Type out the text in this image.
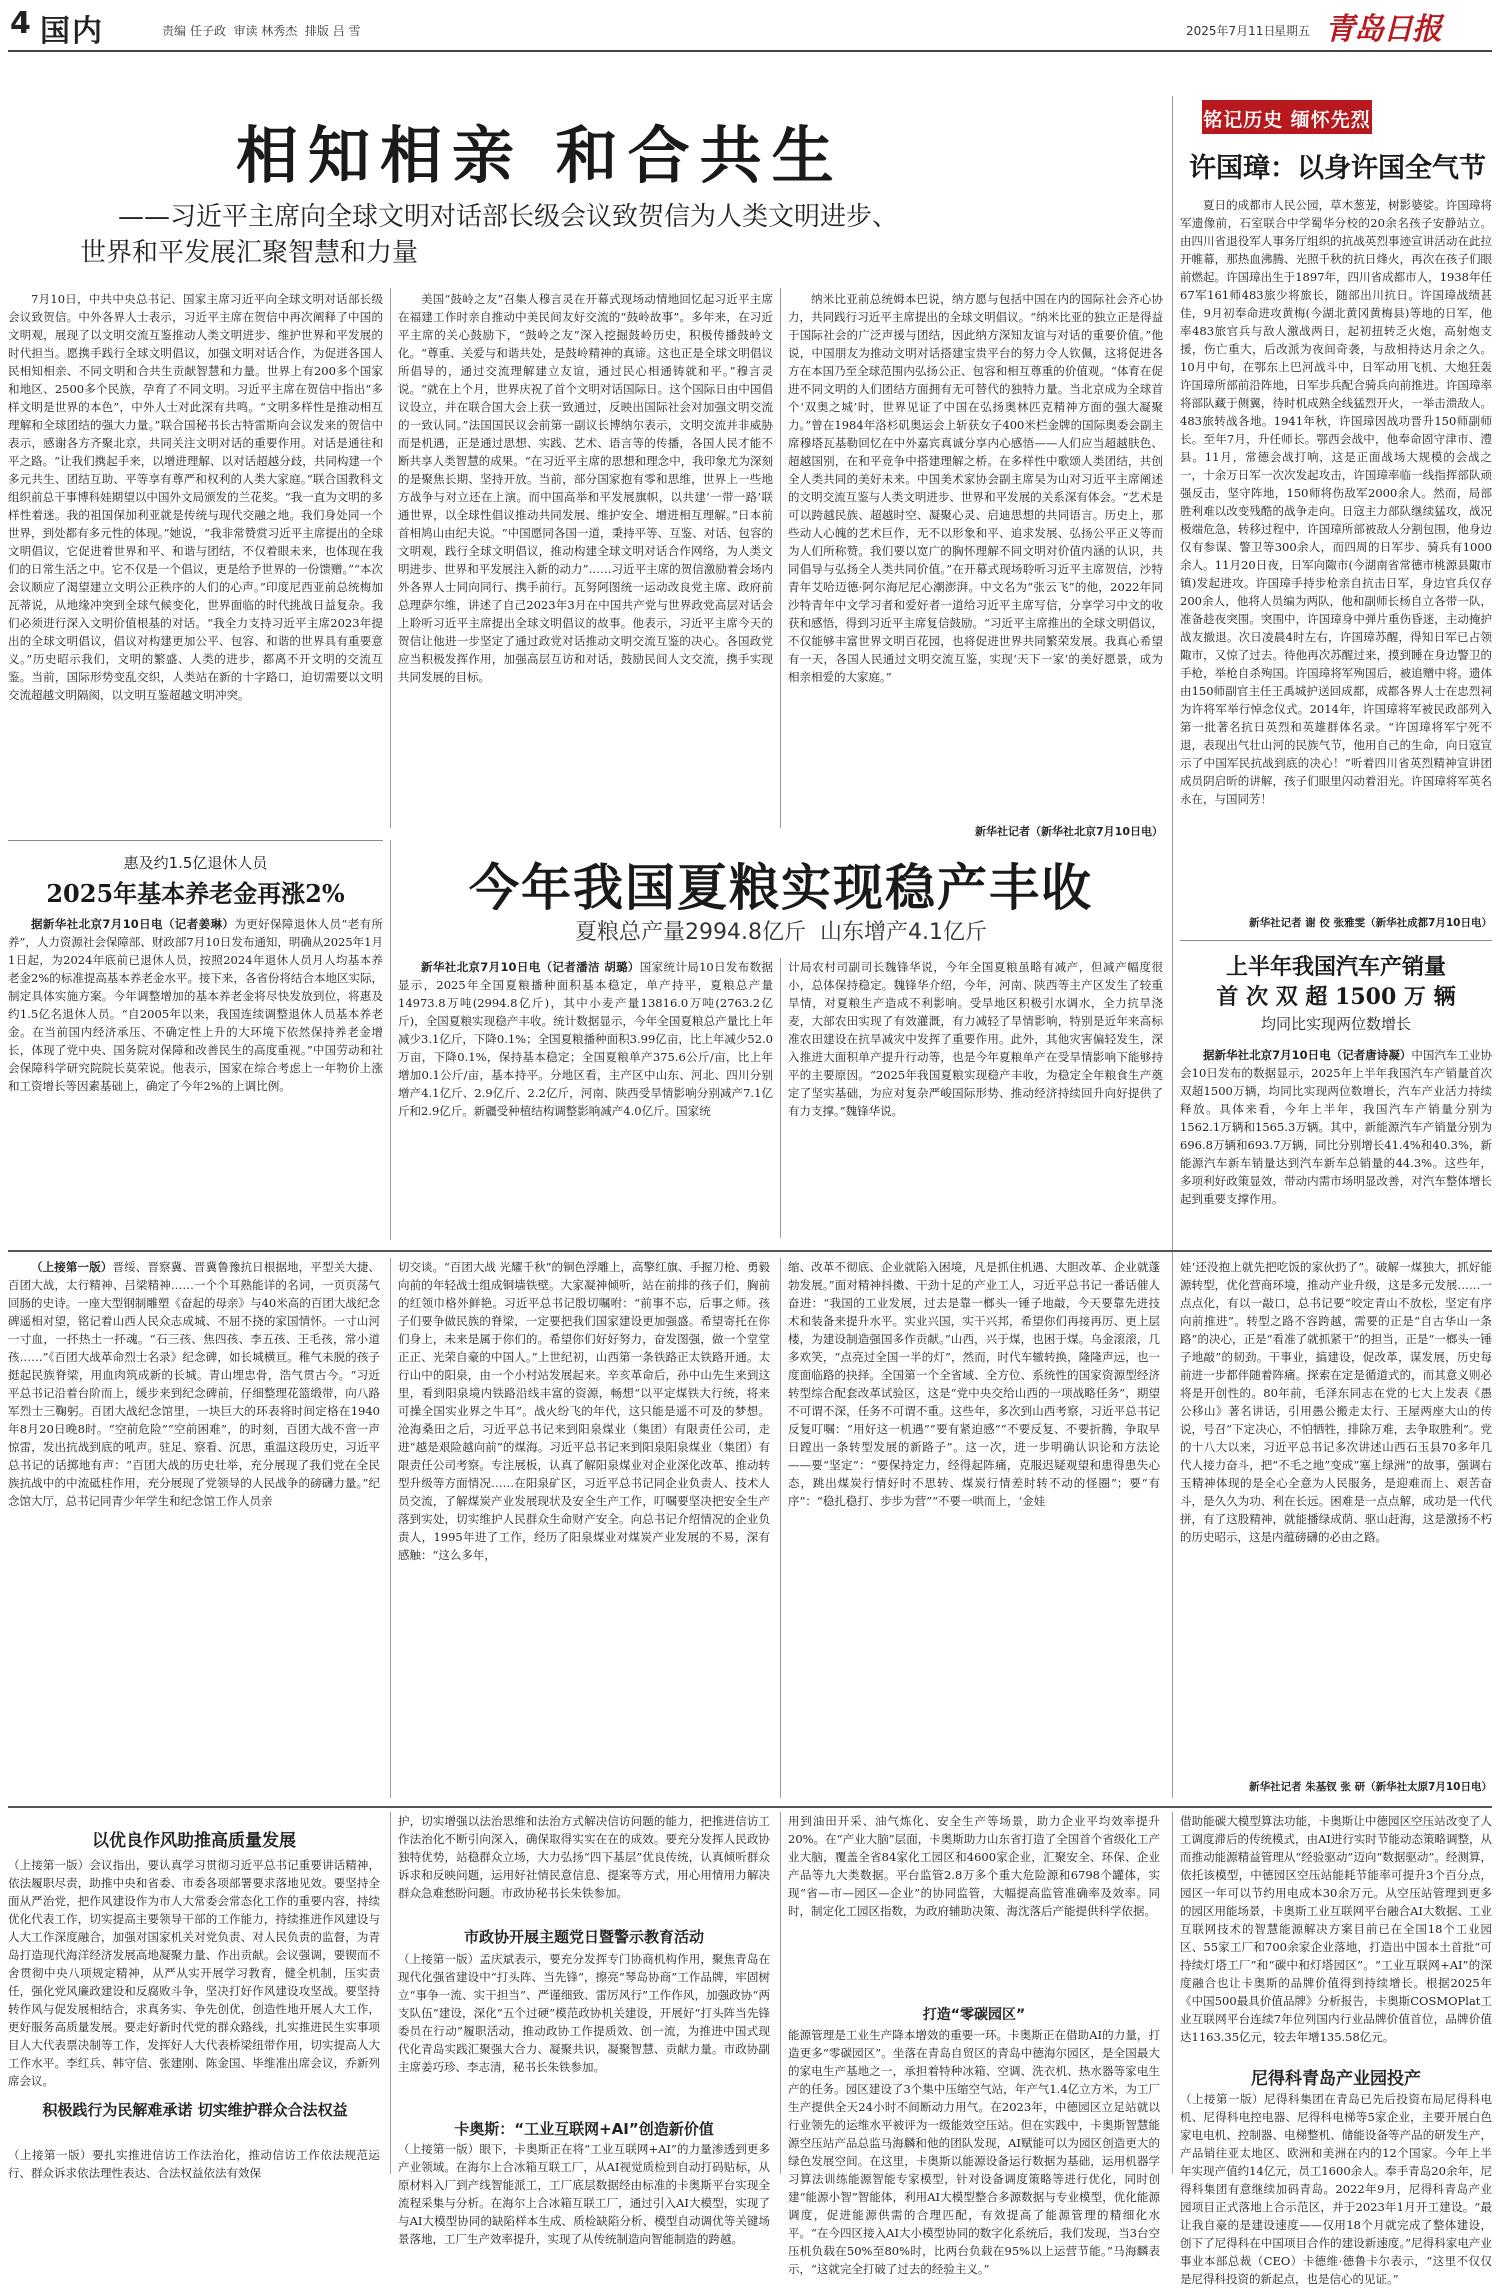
4 国内	责编 任子政  审读 林秀杰  排版 吕 雪	2025年7月11日
星期五 青岛日报
相知相亲 和合共生
——习近平主席向全球文明对话部长级会议致贺信为人类文明进步、
世界和平发展汇聚智慧和力量

7月10日，中共中央总书记、国家主席习近平向全球文明对话部长级会议致贺信。中外各界人士表示，习近平主席在贺信中再次阐释了中国的文明观，展现了以文明交流互鉴推动人类文明进步、维护世界和平发展的时代担当。愿携手践行全球文明倡议，加强文明对话合作，为促进各国人民相知相亲、不同文明和合共生贡献智慧和力量。世界上有200多个国家和地区、2500多个民族，孕育了不同文明。习近平主席在贺信中指出“多样文明是世界的本色”，中外人士对此深有共鸣。“文明多样性是推动相互理解和全球团结的强大力量。”联合国秘书长古特雷斯向会议发来的贺信中表示，感谢各方齐聚北京，共同关注文明对话的重要作用。对话是通往和平之路。“让我们携起手来，以增进理解、以对话超越分歧，共同构建一个多元共生、团结互助、平等享有尊严和权利的人类大家庭。”联合国教科文组织前总干事博科娃期望以中国外文局颁发的兰花奖。“我一直为文明的多样性着迷。我的祖国保加利亚就是传统与现代交融之地。我们身处同一个世界，到处都有多元性的体现。”她说，“我非常赞赏习近平主席提出的全球文明倡议，它促进着世界和平、和谐与团结，不仅着眼未来，也体现在我们的日常生活之中。它不仅是一个倡议，更是给予世界的一份馈赠。”“本次会议顺应了渴望建立文明公正秩序的人们的心声。”印度尼西亚前总统梅加瓦蒂说，从地缘冲突到全球气候变化，世界面临的时代挑战日益复杂。我们必须进行深入文明价值根基的对话。“我全力支持习近平主席2023年提出的全球文明倡议，倡议对构建更加公平、包容、和谐的世界具有重要意义。”历史昭示我们，文明的繁盛、人类的进步，都离不开文明的交流互鉴。当前，国际形势变乱交织，人类站在新的十字路口，迫切需要以文明交流超越文明隔阂，以文明互鉴超越文明冲突。

美国“鼓岭之友”召集人穆言灵在开幕式现场动情地回忆起习近平主席在福建工作时亲自推动中美民间友好交流的“鼓岭故事”。多年来，在习近平主席的关心鼓励下，“鼓岭之友”深入挖掘鼓岭历史，积极传播鼓岭文化。“尊重、关爱与和谐共处，是鼓岭精神的真谛。这也正是全球文明倡议所倡导的，通过交流理解建立友谊，通过民心相通铸就和平。”穆言灵说。“就在上个月，世界庆祝了首个文明对话国际日。这个国际日由中国倡议设立，并在联合国大会上获一致通过，反映出国际社会对加强文明交流的一致认同。”法国国民议会前第一副议长博纳尔表示，文明交流并非威胁而是机遇，正是通过思想、实践、艺术、语言等的传播，各国人民才能不断共享人类智慧的成果。“在习近平主席的思想和理念中，我印象尤为深刻的是聚焦长期、坚持开放。当前，部分国家抱有零和思维，世界上一些地方战争与对立还在上演。而中国高举和平发展旗帜，以共建‘一带一路’联通世界，以全球性倡议推动共同发展、维护安全、增进相互理解。”日本前首相鸠山由纪夫说。“中国愿同各国一道，秉持平等、互鉴、对话、包容的文明观，践行全球文明倡议，推动构建全球文明对话合作网络，为人类文明进步、世界和平发展注入新的动力”……习近平主席的贺信激励着会场内外各界人士同向同行、携手前行。瓦努阿图统一运动改良党主席、政府前总理萨尔维，讲述了自己2023年3月在中国共产党与世界政党高层对话会上聆听习近平主席提出全球文明倡议的故事。他表示，习近平主席今天的贺信让他进一步坚定了通过政党对话推动文明交流互鉴的决心。各国政党应当积极发挥作用，加强高层互访和对话，鼓励民间人文交流，携手实现共同发展的目标。

纳米比亚前总统姆本巴说，纳方愿与包括中国在内的国际社会齐心协力，共同践行习近平主席提出的全球文明倡议。“纳米比亚的独立正是得益于国际社会的广泛声援与团结，因此纳方深知友谊与对话的重要价值。”他说，中国朋友为推动文明对话搭建宝贵平台的努力令人钦佩，这将促进各方在本国乃至全球范围内弘扬公正、包容和相互尊重的价值观。“体育在促进不同文明的人们团结方面拥有无可替代的独特力量。当北京成为全球首个‘双奥之城’时，世界见证了中国在弘扬奥林匹克精神方面的强大凝聚力。”曾在1984年洛杉矶奥运会上斩获女子400米栏金牌的国际奥委会副主席穆塔瓦基勒回忆在中外嘉宾真诚分享内心感悟——人们应当超越肤色、超越国别，在和平竞争中搭建理解之桥。在多样性中歌颂人类团结，共创全人类共同的美好未来。中国美术家协会副主席吴为山对习近平主席阐述的文明交流互鉴与人类文明进步、世界和平发展的关系深有体会。“艺术是可以跨越民族、超越时空、凝聚心灵、启迪思想的共同语言。历史上，那些动人心魄的艺术巨作，无不以形象和平、追求发展、弘扬公平正义等而为人们所称赞。我们要以宽广的胸怀理解不同文明对价值内涵的认识，共同倡导与弘扬全人类共同价值。”在开幕式现场聆听习近平主席贺信，沙特青年艾哈迈德·阿尔海尼尼心潮澎湃。中文名为“张云飞”的他，2022年同沙特青年中文学习者和爱好者一道给习近平主席写信，分享学习中文的收获和感悟，得到习近平主席复信鼓励。“习近平主席推出的全球文明倡议，不仅能够丰富世界文明百花园，也将促进世界共同繁荣发展。我真心希望有一天，各国人民通过文明交流互鉴，实现‘天下一家’的美好愿景，成为相亲相爱的大家庭。”

新华社记者（新华社北京7月10日电）
铭记历史 缅怀先烈
许国璋：以身许国全气节

夏日的成都市人民公园，草木葱茏，树影婆娑。许国璋将军遗像前，石室联合中学蜀华分校的20余名孩子安静站立。由四川省退役军人事务厅组织的抗战英烈事迹宣讲活动在此拉开帷幕，那热血沸腾、光照千秋的抗日烽火，再次在孩子们眼前燃起。许国璋出生于1897年，四川省成都市人，1938年任67军161师483旅少将旅长，随部出川抗日。许国璋战绩甚佳，9月初奉命进攻黄梅(今湖北黄冈黄梅县)等地的日军，他率483旅官兵与敌人激战两日，起初扭转乏火炮，高射炮支援，伤亡重大，后改派为夜间奇袭，与敌相持达月余之久。10月中旬，在鄂东上巴河战斗中，日军动用飞机、大炮狂轰许国璋所部前沿阵地，日军步兵配合骑兵向前推进。许国璋率将部队藏于侧翼，待时机成熟全线猛烈开火，一举击溃敌人。483旅转战各地。1941年秋，许国璋因战功晋升150师副师长。至年7月，升任师长。鄂西会战中，他奉命固守津市、澧县。11月，常德会战打响，这是正面战场大规模的会战之一，十余万日军一次次发起攻击，许国璋率临一线指挥部队顽强反击，坚守阵地，150师将伤敌军2000余人。然而，局部胜利难以改变残酷的战争走向。日寇主力部队继续猛攻，战况极端危急，转移过程中，许国璋所部被敌人分割包围，他身边仅有参谋、警卫等300余人，而四周的日军步、骑兵有1000余人。11月20日夜，日军向陬市(今湖南省常德市桃源县陬市镇)发起进攻。许国璋手持步枪亲自抗击日军，身边官兵仅存200余人，他将人员编为两队，他和副师长杨自立各带一队，准备趁夜突围。突围中，许国璋身中弹片重伤昏迷，主动掩护战友撤退。次日凌晨4时左右，许国璋苏醒，得知日军已占领陬市，又惊了过去。待他再次苏醒过来，摸到睡在身边警卫的手枪，举枪自杀殉国。许国璋将军殉国后，被追赠中将。遗体由150师副官主任王禹城护送回成都，成都各界人士在忠烈祠为许将军举行悼念仪式。2014年，许国璋将军被民政部列入第一批著名抗日英烈和英雄群体名录。“许国璋将军宁死不退，表现出气壮山河的民族气节，他用自己的生命，向日寇宣示了中国军民抗战到底的决心！”听着四川省英烈精神宣讲团成员阴启昕的讲解，孩子们眼里闪动着泪光。许国璋将军英名永在，与国同芳！

新华社记者 谢 佼 张雅雯（新华社成都7月10日电）
上半年我国汽车产销量
首 次 双 超 1500 万 辆
均同比实现两位数增长

据新华社北京7月10日电（记者唐诗凝）中国汽车工业协会10日发布的数据显示，2025年上半年我国汽车产销量首次双超1500万辆，均同比实现两位数增长，汽车产业活力持续释放。具体来看，今年上半年，我国汽车产销量分别为1562.1万辆和1565.3万辆。其中，新能源汽车产销量分别为696.8万辆和693.7万辆，同比分别增长41.4%和40.3%，新能源汽车新车销量达到汽车新车总销量的44.3%。这些年，多项利好政策显效，带动内需市场明显改善，对汽车整体增长起到重要支撑作用。

惠及约1.5亿退休人员
2025年基本养老金再涨2%

据新华社北京7月10日电（记者姜琳）为更好保障退休人员“老有所养”，人力资源社会保障部、财政部7月10日发布通知，明确从2025年1月1日起，为2024年底前已退休人员，按照2024年退休人员月人均基本养老金2%的标准提高基本养老金水平。接下来，各省份将结合本地区实际，制定具体实施方案。今年调整增加的基本养老金将尽快发放到位，将惠及约1.5亿名退休人员。“自2005年以来，我国连续调整退休人员基本养老金。在当前国内经济承压、不确定性上升的大环境下依然保持养老金增长，体现了党中央、国务院对保障和改善民生的高度重视。”中国劳动和社会保障科学研究院院长莫荣说。他表示，国家在综合考虑上一年物价上涨和工资增长等因素基础上，确定了今年2%的上调比例。

今年我国夏粮实现稳产丰收
夏粮总产量2994.8亿斤  山东增产4.1亿斤

新华社北京7月10日电（记者潘洁 胡璐）国家统计局10日发布数据显示，2025年全国夏粮播种面积基本稳定，单产持平，夏粮总产量14973.8万吨(2994.8亿斤)，其中小麦产量13816.0万吨(2763.2亿斤)，全国夏粮实现稳产丰收。统计数据显示，今年全国夏粮总产量比上年减少3.1亿斤，下降0.1%；全国夏粮播种面积3.99亿亩，比上年减少52.0万亩，下降0.1%，保持基本稳定；全国夏粮单产375.6公斤/亩，比上年增加0.1公斤/亩，基本持平。分地区看，主产区中山东、河北、四川分别增产4.1亿斤、2.9亿斤、2.2亿斤，河南、陕西受旱情影响分别减产7.1亿斤和2.9亿斤。新疆受种植结构调整影响减产4.0亿斤。国家统

计局农村司副司长魏锋华说，今年全国夏粮虽略有减产，但减产幅度很小，总体保持稳定。魏锋华介绍，今年，河南、陕西等主产区发生了较重旱情，对夏粮生产造成不利影响。受旱地区积极引水调水，全力抗旱浇麦，大部农田实现了有效灌溉，有力减轻了旱情影响，特别是近年来高标准农田建设在抗旱减灾中发挥了重要作用。此外，其他灾害偏轻发生，深入推进大面积单产提升行动等，也是今年夏粮单产在受旱情影响下能够持平的主要原因。“2025年我国夏粮实现稳产丰收，为稳定全年粮食生产奠定了坚实基础，为应对复杂严峻国际形势、推动经济持续回升向好提供了有力支撑。”魏锋华说。

（上接第一版）晋绥、晋察冀、晋冀鲁豫抗日根据地，平型关大捷、百团大战，太行精神、吕梁精神……一个个耳熟能详的名词，一页页荡气回肠的史诗。一座大型钢制雕塑《奋起的母亲》与40米高的百团大战纪念碑遥相对望，铭记着山西人民众志成城、不屈不挠的家国情怀。一寸山河一寸血，一抔热土一抔魂。“石三孩、焦四孩、李五孩、王毛孩，常小道孩……”《百团大战革命烈士名录》纪念碑，如长城横亘。稚气未脱的孩子挺起民族脊梁，用血肉筑成新的长城。青山埋忠骨，浩气贯古今。“习近平总书记沿着台阶而上，缓步来到纪念碑前，仔细整理花篮缎带，向八路军烈士三鞠躬。百团大战纪念馆里，一块巨大的环表将时间定格在1940年8月20日晚8时。“空前危险”“空前困难”，的时刻，百团大战不啻一声惊雷，发出抗战到底的吼声。驻足、察看、沉思，重温这段历史，习近平总书记的话掷地有声：“百团大战的历史壮举，充分展现了我们党在全民族抗战中的中流砥柱作用，充分展现了党领导的人民战争的磅礴力量。”纪念馆大厅，总书记同青少年学生和纪念馆工作人员亲

切交谈。“百团大战 光耀千秋”的铜色浮雕上，高擎红旗、手握刀枪、勇毅向前的年轻战士组成铜墙铁壁。大家凝神倾听，站在前排的孩子们，胸前的红领巾格外鲜艳。习近平总书记殷切嘱咐：“前事不忘，后事之师。孩子们要争做民族的脊梁，一定要把我们国家建设更加强盛。希望寄托在你们身上，未来是属于你们的。希望你们好好努力，奋发图强，做一个堂堂正正、光荣自豪的中国人。”上世纪初，山西第一条铁路正太铁路开通。太行山中的阳泉，由一个小村站发展起来。辛亥革命后，孙中山先生来到这里，看到阳泉境内铁路沿线丰富的资源，畅想“以平定煤铁大行统，将来可操全国实业界之牛耳”。战火纷飞的年代，这只能是遥不可及的梦想。沧海桑田之后，习近平总书记来到阳泉煤业（集团）有限责任公司，走进“越是艰险越向前”的煤海。习近平总书记来到阳泉阳泉煤业（集团）有限责任公司考察。专注展板，认真了解阳泉煤业对企业深化改革、推动转型升级等方面情况……在阳泉矿区，习近平总书记同企业负责人、技术人员交流，了解煤炭产业发展现状及安全生产工作，叮嘱要坚决把安全生产落到实处，切实维护人民群众生命财产安全。向总书记介绍情况的企业负责人，1995年进了工作，经历了阳泉煤业对煤炭产业发展的不易，深有感触：“这么多年，
缩、改革不彻底、企业就陷入困境，凡是抓住机遇、大胆改革、企业就蓬勃发展。”面对精神抖擞、干劲十足的产业工人，习近平总书记一番话催人奋进：“我国的工业发展，过去是靠一榔头一锤子地敲，今天要靠先进技术和装备来提升水平。实业兴国，实干兴邦，希望你们再接再厉、更上层楼，为建设制造强国多作贡献。”山西，兴于煤，也困于煤。乌金滚滚，几多欢笑，“点亮过全国一半的灯”，然而，时代车辙转换，隆隆声远，也一度面临路的抉择。全国第一个全省域、全方位、系统性的国家资源型经济转型综合配套改革试验区，这是“党中央交给山西的一项战略任务”，期望不可谓不深，任务不可谓不重。这些年，多次到山西考察，习近平总书记反复叮嘱：“用好这一机遇”“要有紧迫感”“不要反复、不要折腾，争取早日蹚出一条转型发展的新路子”。这一次，进一步明确认识论和方法论——要“坚定”：“要保持定力，经得起阵痛，克服迟疑观望和患得患失心态，跳出煤炭行情好时不思转、煤炭行情差时转不动的怪圈”；要“有序”：“稳扎稳打、步步为营”“不要一哄而上，‘金娃
娃’还没抱上就先把吃饭的家伙扔了”。破解一煤独大，抓好能源转型，优化营商环境，推动产业升级，这是多元发展……一点点化，有以一敲口，总书记要“咬定青山不放松，坚定有序向前推进”。转型之路不容跨越，需要的正是“自古华山一条路”的决心，正是“看准了就抓紧干”的担当，正是“一榔头一锤子地敲”的韧劲。干事业，搞建设，促改革，谋发展，历史每前进一步都伴随着阵痛。探索在定是循道式的，而其意义则必将是开创性的。80年前，毛泽东同志在党的七大上发表《愚公移山》著名讲话，引用愚公搬走太行、王屋两座大山的传说，号召“下定决心，不怕牺牲，排除万难，去争取胜利”。党的十八大以来，习近平总书记多次讲述山西石玉县70多年几代人接力奋斗，把“不毛之地”变成“塞上绿洲”的故事，强调右玉精神体现的是全心全意为人民服务，是迎难而上、艰苦奋斗，是久久为功、利在长远。困难是一点点解，成功是一代代拼，有了这股精神，就能播绿成荫、驱山赶海，这是激扬不朽的历史昭示，这是内蕴磅礴的必由之路。
新华社记者 朱基钗 张 研（新华社太原7月10日电）
以优良作风助推高质量发展
（上接第一版）会议指出，要认真学习贯彻习近平总书记重要讲话精神，依法履职尽责，助推中央和省委、市委各项部署要求落地见效。要坚持全面从严治党，把作风建设作为市人大常委会常态化工作的重要内容，持续优化代表工作，切实提高主要领导干部的工作能力，持续推进作风建设与人大工作深度融合，加强对国家机关对党负责、对人民负责的监督，为青岛打造现代海洋经济发展高地凝聚力量、作出贡献。会议强调，要锲而不舍贯彻中央八项规定精神，从严从实开展学习教育，健全机制，压实责任，强化党风廉政建设和反腐败斗争，坚决打好作风建设攻坚战。要坚持转作风与促发展相结合，求真务实、争先创优，创造性地开展人大工作，更好服务高质量发展。要走好新时代党的群众路线，扎实推进民生实事项目人大代表票决制等工作，发挥好人大代表桥梁纽带作用，切实提高人大工作水平。李红兵、韩守信、张建刚、陈金国、毕维准出席会议，乔新列席会议。
积极践行为民解难承诺 切实维护群众合法权益
（上接第一版）要扎实推进信访工作法治化，推动信访工作依法规范运行、群众诉求依法理性表达、合法权益依法有效保
护，切实增强以法治思维和法治方式解决信访问题的能力，把推进信访工作法治化不断引向深入，确保取得实实在在的成效。要充分发挥人民政协独特优势，站稳群众立场，大力弘扬“四下基层”优良传统，认真倾听群众诉求和反映问题，运用好社情民意信息、提案等方式，用心用情用力解决群众急难愁盼问题。市政协秘书长朱铁参加。
市政协开展主题党日暨警示教育活动
（上接第一版）孟庆斌表示，要充分发挥专门协商机构作用，聚焦青岛在现代化强省建设中“打头阵、当先锋”，擦亮“琴岛协商”工作品牌，牢固树立“事争一流、实干担当”、严谨细致、雷厉风行”工作作风，加强政协“两支队伍”建设，深化“五个过硬”模范政协机关建设，开展好“打头阵当先锋 委员在行动”履职活动，推动政协工作提质效、创一流，为推进中国式现代化青岛实践汇聚强大合力、凝聚共识，凝聚智慧、贡献力量。市政协副主席姜巧珍、李志清，秘书长朱铁参加。
卡奥斯：“工业互联网+AI”创造新价值
（上接第一版）眼下，卡奥斯正在将“工业互联网+AI”的力量渗透到更多产业领域。在海尔上合冰箱互联工厂，从AI视觉质检到自动打码贴标，从原材料入厂到产线智能派工，工厂底层数据经由标准的卡奥斯平台实现全流程采集与分析。在海尔上合冰箱互联工厂，通过引入AI大模型，实现了与AI大模型协同的缺陷样本生成、质检缺陷分析、模型自动调优等关键场景落地，工厂生产效率提升，实现了从传统制造向智能制造的跨越。
用到油田开采、油气炼化、安全生产等场景，助力企业平均效率提升20%。在“产业大脑”层面，卡奥斯助力山东省打造了全国首个省级化工产业大脑，覆盖全省84家化工园区和4600家企业，汇聚安全、环保、企业产品等九大类数据。平台监管2.8万多个重大危险源和6798个罐体，实现“省—市—园区—企业”的协同监管，大幅提高监管准确率及效率。同时，制定化工园区指数，为政府辅助决策、海沈落后产能提供科学依据。
打造“零碳园区”
能源管理是工业生产降本增效的重要一环。卡奥斯正在借助AI的力量，打造更多“零碳园区”。坐落在青岛自贸区的青岛中德海尔园区，是全国最大的家电生产基地之一，承担着特种冰箱、空调、洗衣机、热水器等家电生产的任务。园区建设了3个集中压缩空气站，年产气1.4亿立方米，为工厂生产提供全天24小时不间断动力用气。在2023年，中德园区立足站就以行业领先的运维水平被评为一级能效空压站。但在实践中，卡奥斯智慧能源空压站产品总监马海麟和他的团队发现，AI赋能可以为园区创造更大的绿色发展空间。在这里，卡奥斯以能源设备运行数据为基础，运用机器学习算法训练能源智能专家模型，针对设备调度策略等进行优化，同时创建“能源小智”智能体，利用AI大模型整合多源数据与专业模型，优化能源调度，促进能源供需的合理匹配，有效提高了能源管理的精细化水平。“在今四区接入AI大小模型协同的数字化系统后，我们发现，当3台空压机负载在50%至80%时，比两台负载在95%以上运营节能。”马海麟表示，“这就完全打破了过去的经验主义。”
借助能碳大模型算法功能，卡奥斯让中德园区空压站改变了人工调度滞后的传统模式，由AI进行实时节能动态策略调整，从而推动能源精益管理从“经验驱动”迈向“数据驱动”。经测算，依托该模型，中德园区空压站能耗节能率可提升3个百分点，园区一年可以节约用电成本30余万元。从空压站管理到更多的园区用能场景，卡奥斯工业互联网平台融合AI大数据、工业互联网技术的智慧能源解决方案目前已在全国18个工业园区、55家工厂和700余家企业落地，打造出中国本土首批“可持续灯塔工厂”和“碳中和灯塔园区”。“工业互联网+AI”的深度融合也让卡奥斯的品牌价值得到持续增长。根据2025年《中国500最具价值品牌》分析报告，卡奥斯COSMOPlat工业互联网平台连续7年位列国内行业品牌价值首位，品牌价值达1163.35亿元，较去年增135.58亿元。
尼得科青岛产业园投产
（上接第一版）尼得科集团在青岛已先后投资布局尼得科电机、尼得科电控电器、尼得科电梯等5家企业，主要开展白色家电电机、控制器、电梯整机、储能设备等产品的研发生产，产品销往亚太地区、欧洲和美洲在内的12个国家。今年上半年实现产值约14亿元，员工1600余人。奉手青岛20余年，尼得科集团有意继续加码青岛。2022年9月，尼得科青岛产业园项目正式落地上合示范区，并于2023年1月开工建设。“最让我自豪的是建设速度——仅用18个月就完成了整体建设，创下了尼得科在中国项目合作的建设新速度。”尼得科家电产业事业本部总裁（CEO）卡德维·德鲁卡尔表示，“这里不仅仅是尼得科投资的新起点，也是信心的见证。”
